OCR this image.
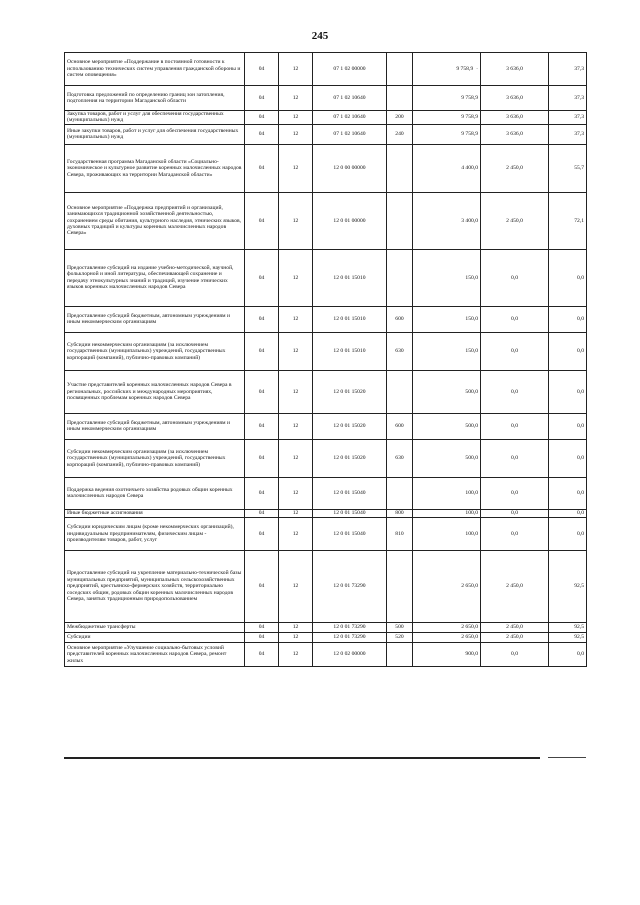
245
Основное мероприятие «Поддержание в постоянной готовности к использованию технических систем управления гражданской обороны и систем оповещения»	04	12	07 1 02 00000		9 758,9 ·	3 636,0	37,3
Подготовка предложений по определению границ зон затопления, подтопления на территории Магаданской области	04	12	07 1 02 10640		9 758,9	3 636,0	37,3
Закупка товаров, работ и услуг для обеспечения государственных (муниципальных) нужд	04	12	07 1 02 10640	200	9 758,9	3 636,0	37,3
Иные закупки товаров, работ и услуг для обеспечения государственных (муниципальных) нужд	04	12	07 1 02 10640	240	9 758,9	3 636,0	37,3
Государственная программа Магаданской области «Социально-экономическое и культурное развитие коренных малочисленных народов Севера, проживающих на территории Магаданской области»	04	12	12 0 00 00000		4 400,0	2 450,0	55,7
Основное мероприятие «Поддержка предприятий и организаций, занимающихся традиционной хозяйственной деятельностью, сохранением среды обитания, культурного наследия, этнических языков, духовных традиций и культуры коренных малочисленных народов Севера»	04	12	12 0 01 00000		3 400,0	2 450,0	72,1
Предоставление субсидий на издание учебно-методической, научной, фольклорной и иной литературы, обеспечивающей сохранение и передачу этнокультурных знаний и традиций, изучение этнических языков коренных малочисленных народов Севера	04	12	12 0 01 15010		150,0	0,0	0,0
Предоставление субсидий бюджетным, автономным учреждениям и иным некоммерческим организациям	04	12	12 0 01 15010	600	150,0	0,0	0,0
Субсидии некоммерческим организациям (за исключением государственных (муниципальных) учреждений, государственных корпораций (компаний), публично-правовых компаний)	04	12	12 0 01 15010	630	150,0	0,0	0,0
Участие представителей коренных малочисленных народов Севера в региональных, российских и международных мероприятиях, посвященных проблемам коренных народов Севера	04	12	12 0 01 15020		500,0	0,0	0,0
Предоставление субсидий бюджетным, автономным учреждениям и иным некоммерческим организациям	04	12	12 0 01 15020	600	500,0	0,0	0,0
Субсидии некоммерческим организациям (за исключением государственных (муниципальных) учреждений, государственных корпораций (компаний), публично-правовых компаний)	04	12	12 0 01 15020	630	500,0	0,0	0,0
Поддержка ведения охотничьего хозяйства родовых общин коренных малочисленных народов Севера	04	12	12 0 01 15040		100,0	0,0	0,0
Иные бюджетные ассигнования	04	12	12 0 01 15040	800	100,0	0,0	0,0
Субсидии юридическим лицам (кроме некоммерческих организаций), индивидуальным предпринимателям, физическим лицам - производителям товаров, работ, услуг	04	12	12 0 01 15040	810	100,0	0,0	0,0
Предоставление субсидий на укрепление материально-технической базы муниципальных предприятий, муниципальных сельскохозяйственных предприятий, крестьянско-фермерских хозяйств, территориально соседских общин, родовых общин коренных малочисленных народов Севера, занятых традиционным природопользованием	04	12	12 0 01 73290		2 650,0	2 450,0	92,5
Межбюджетные трансферты	04	12	12 0 01 73290	500	2 650,0	2 450,0	92,5
Субсидии	04	12	12 0 01 73290	520	2 650,0	2 450,0	92,5
Основное мероприятие «Улучшение социально-бытовых условий представителей коренных малочисленных народов Севера, ремонт жилых	04	12	12 0 02 00000		900,0	0,0	0,0
